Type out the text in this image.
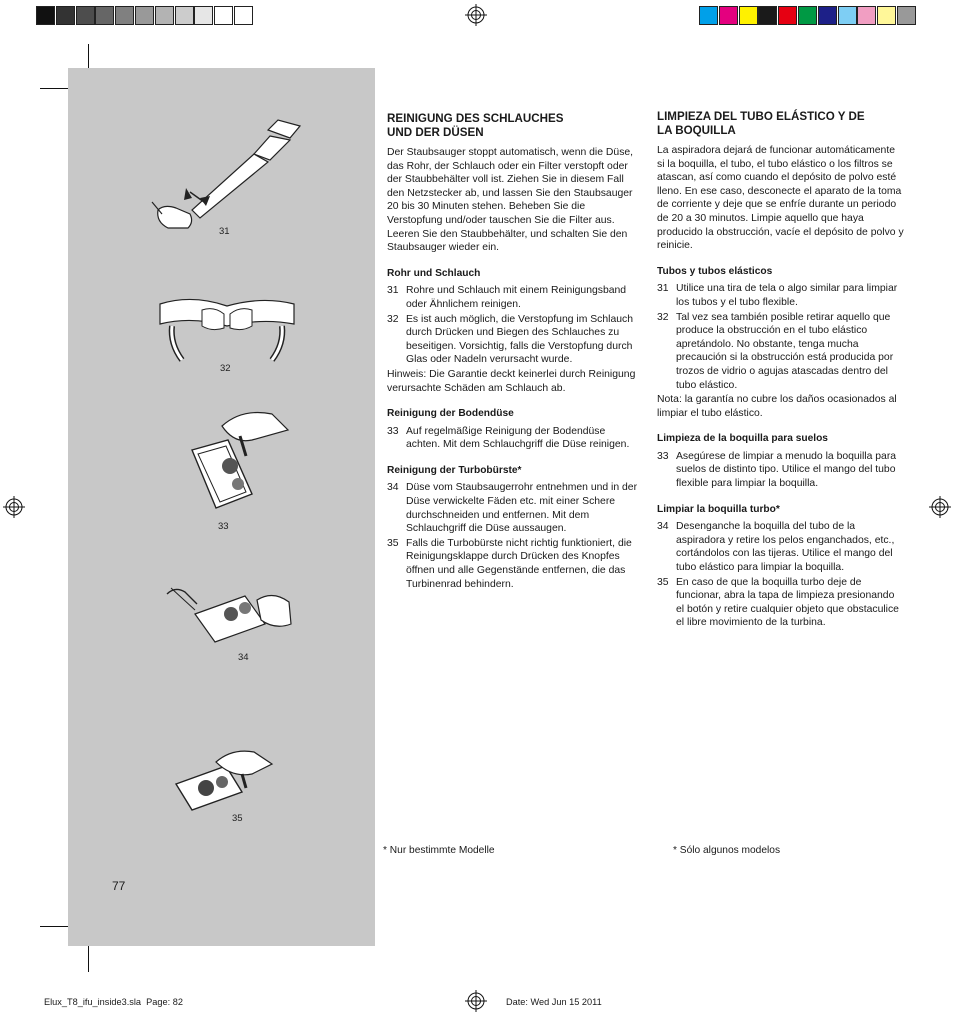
31
32
33
34
35
77
REINIGUNG DES SCHLAUCHES
UND DER DÜSEN

Der Staubsauger stoppt automatisch, wenn die Düse, das Rohr, der Schlauch oder ein Filter verstopft oder der Staubbehälter voll ist. Ziehen Sie in diesem Fall den Netzstecker ab, und lassen Sie den Staubsauger 20 bis 30 Minuten stehen. Beheben Sie die Verstopfung und/oder tauschen Sie die Filter aus. Leeren Sie den Staubbehälter, und schalten Sie den Staubsauger wieder ein.

Rohr und Schlauch
31 Rohre und Schlauch mit einem Reinigungsband oder Ähnlichem reinigen.
32 Es ist auch möglich, die Verstopfung im Schlauch durch Drücken und Biegen des Schlauches zu beseitigen. Vorsichtig, falls die Verstopfung durch Glas oder Nadeln verursacht wurde.

Hinweis: Die Garantie deckt keinerlei durch Reinigung verursachte Schäden am Schlauch ab.

Reinigung der Bodendüse
33 Auf regelmäßige Reinigung der Bodendüse achten. Mit dem Schlauchgriff die Düse reinigen.
Reinigung der Turbobürste*
34 Düse vom Staubsaugerrohr entnehmen und in der Düse verwickelte Fäden etc. mit einer Schere durchschneiden und entfernen. Mit dem Schlauchgriff die Düse aussaugen.
35 Falls die Turbobürste nicht richtig funktioniert, die Reinigungsklappe durch Drücken des Knopfes öffnen und alle Gegenstände entfernen, die das Turbinenrad behindern.
* Nur bestimmte Modelle
LIMPIEZA DEL TUBO ELÁSTICO Y DE
LA BOQUILLA

La aspiradora dejará de funcionar automáticamente si la boquilla, el tubo, el tubo elástico o los filtros se atascan, así como cuando el depósito de polvo esté lleno. En ese caso, desconecte el aparato de la toma de corriente y deje que se enfríe durante un periodo de 20 a 30 minutos. Limpie aquello que haya producido la obstrucción, vacíe el depósito de polvo y reinicie.

Tubos y tubos elásticos
31 Utilice una tira de tela o algo similar para limpiar los tubos y el tubo flexible.
32 Tal vez sea también posible retirar aquello que produce la obstrucción en el tubo elástico apretándolo. No obstante, tenga mucha precaución si la obstrucción está producida por trozos de vidrio o agujas atascadas dentro del tubo elástico.

Nota: la garantía no cubre los daños ocasionados al limpiar el tubo elástico.

Limpieza de la boquilla para suelos
33 Asegúrese de limpiar a menudo la boquilla para suelos de distinto tipo. Utilice el mango del tubo flexible para limpiar la boquilla.
Limpiar la boquilla turbo*
34 Desenganche la boquilla del tubo de la aspiradora y retire los pelos enganchados, etc., cortándolos con las tijeras. Utilice el mango del tubo elástico para limpiar la boquilla.
35 En caso de que la boquilla turbo deje de funcionar, abra la tapa de limpieza presionando el botón y retire cualquier objeto que obstaculice el libre movimiento de la turbina.
* Sólo algunos modelos
Elux_T8_ifu_inside3.sla  Page: 82	Date: Wed Jun 15 2011
